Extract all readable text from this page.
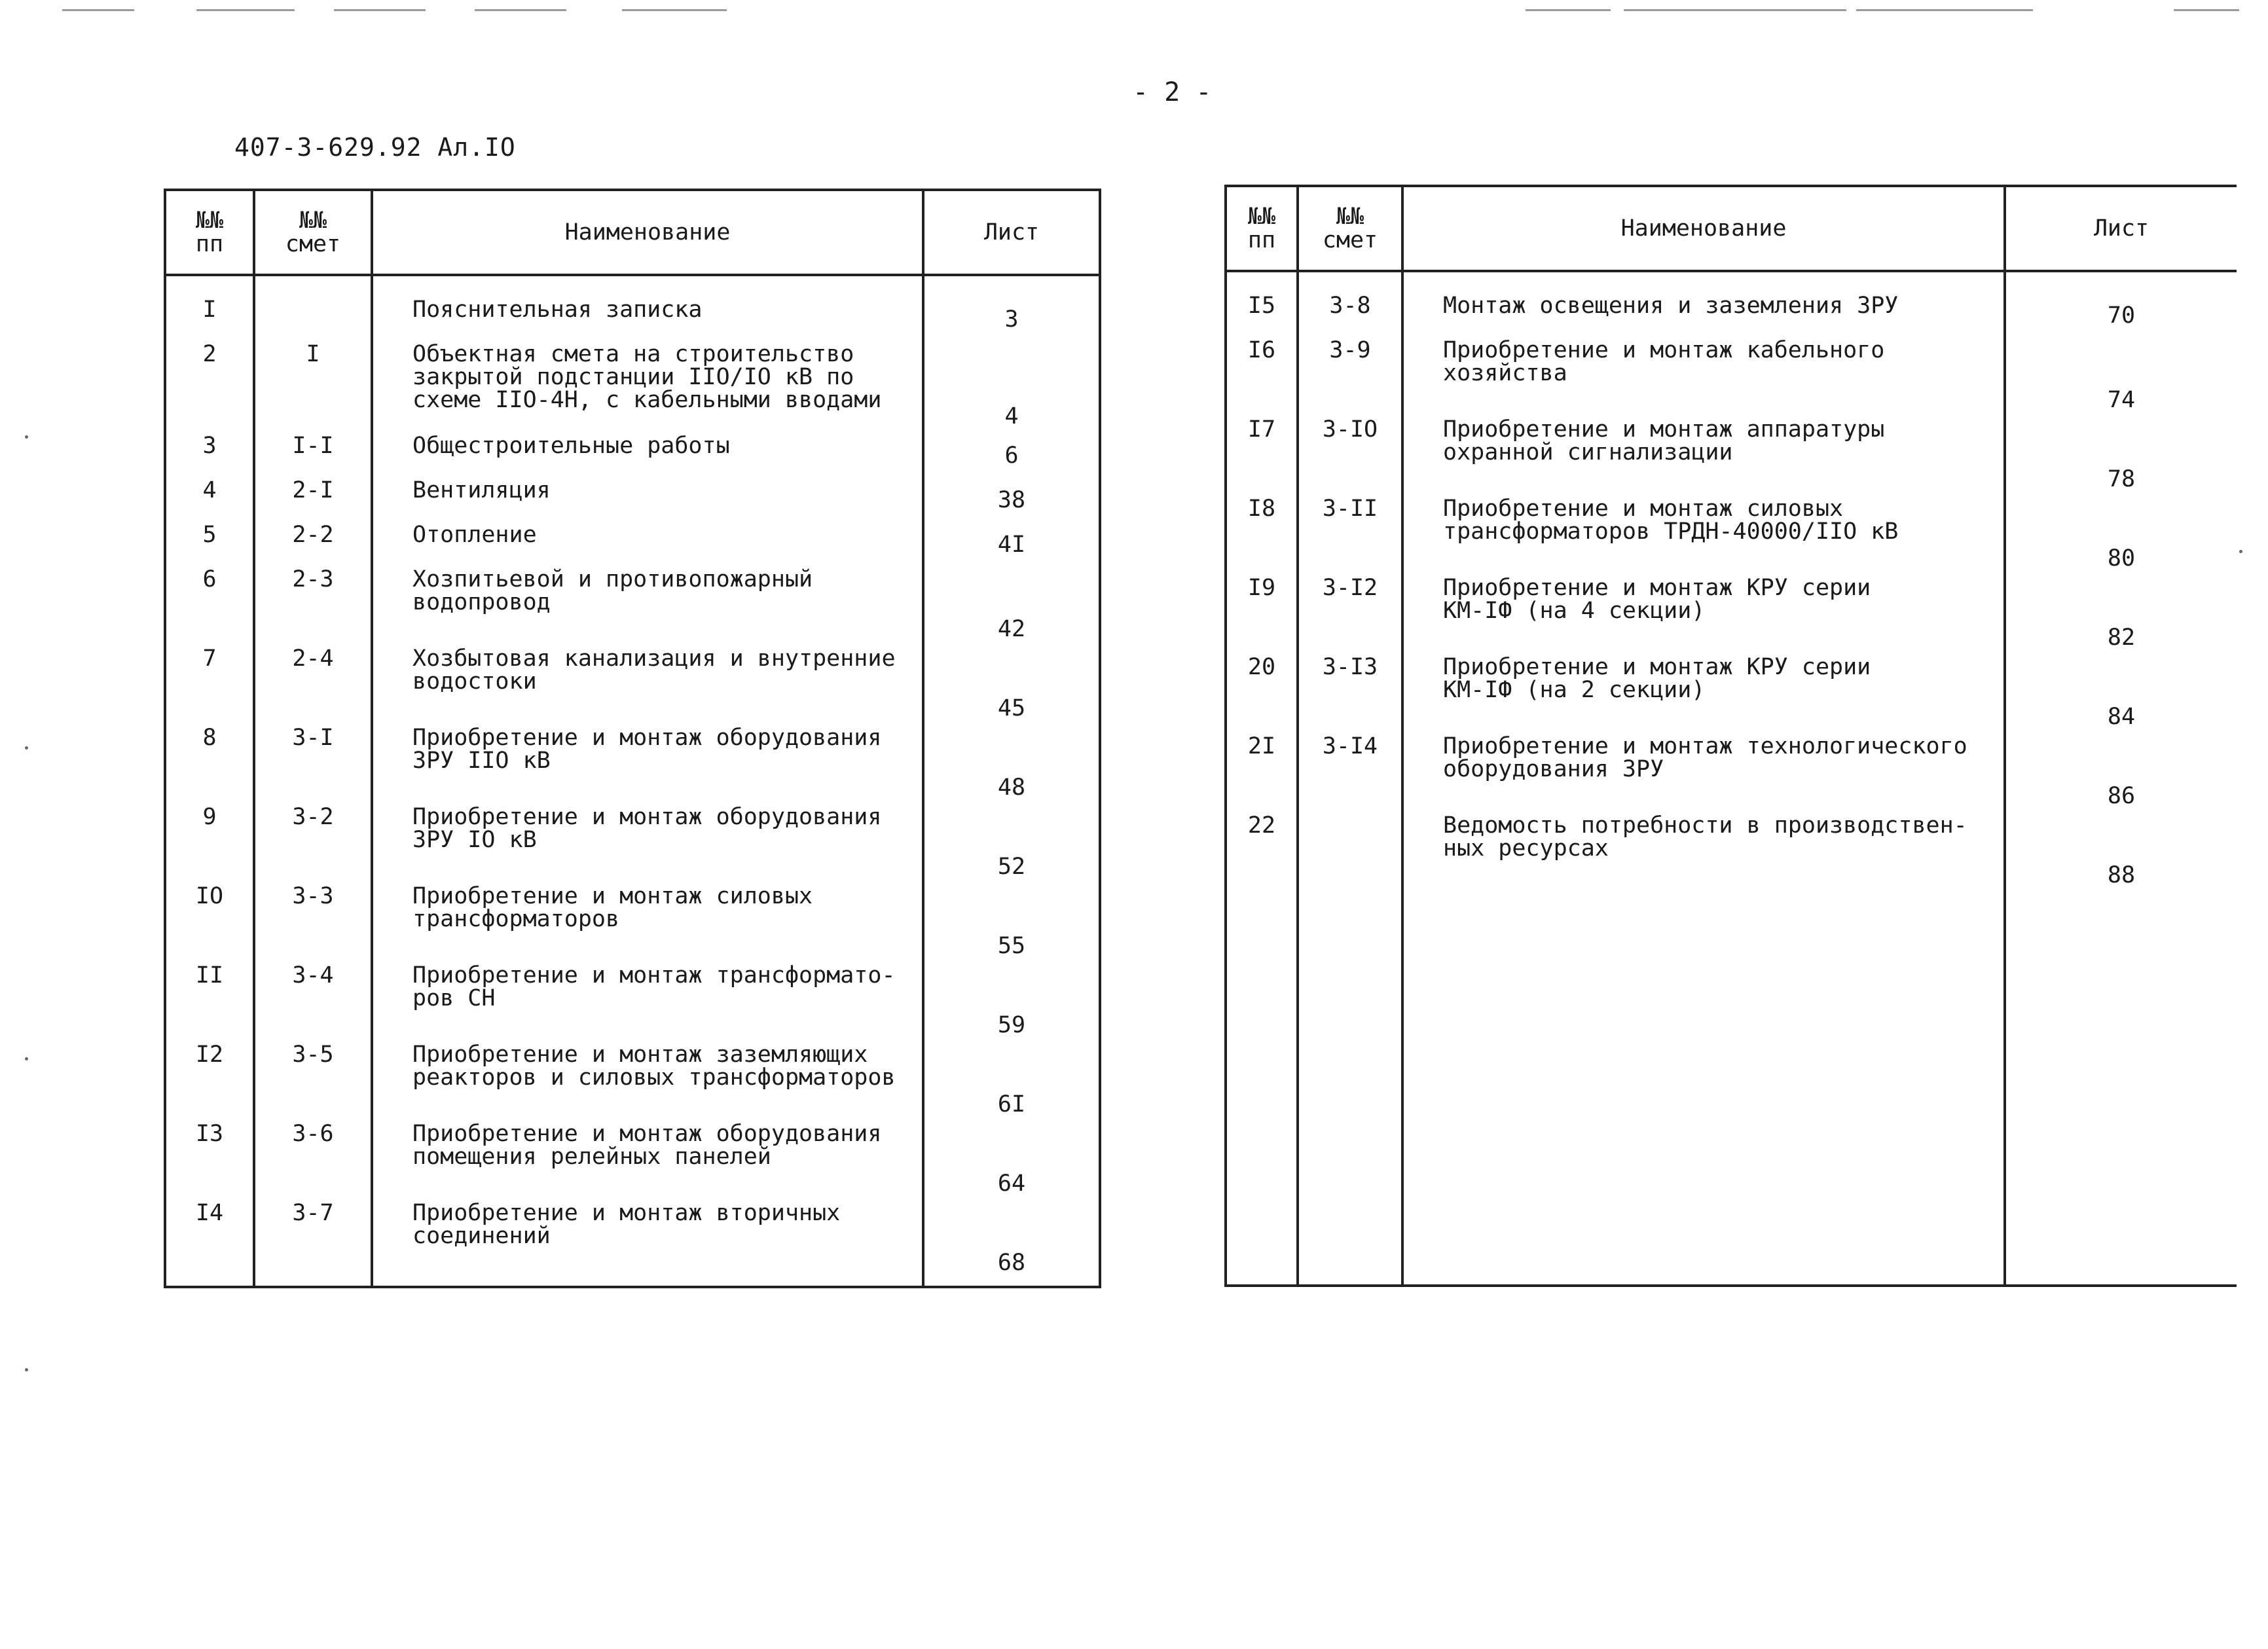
- 2 -
407-3-629.92 Ал.IO
№№
пп	№№
смет	Наименование	Лист

I		Пояснительная записка	3
2	I	Объектная смета на строительство
закрытой подстанции IIO/IO кВ по
схеме IIO-4Н, с кабельными вводами	4
3	I-I	Общестроительные работы	6
4	2-I	Вентиляция	38
5	2-2	Отопление	4I
6	2-3	Хозпитьевой и противопожарный
водопровод	42
7	2-4	Хозбытовая канализация и внутренние
водостоки	45
8	3-I	Приобретение и монтаж оборудования
ЗРУ IIO кВ	48
9	3-2	Приобретение и монтаж оборудования
ЗРУ IO кВ	52
IO	3-3	Приобретение и монтаж силовых
трансформаторов	55
II	3-4	Приобретение и монтаж трансформато-
ров СН	59
I2	3-5	Приобретение и монтаж заземляющих
реакторов и силовых трансформаторов	6I
I3	3-6	Приобретение и монтаж оборудования
помещения релейных панелей	64
I4	3-7	Приобретение и монтаж вторичных
соединений	68

№№
пп	№№
смет	Наименование	Лист

I5	3-8	Монтаж освещения и заземления ЗРУ	70
I6	3-9	Приобретение и монтаж кабельного
хозяйства	74
I7	3-IO	Приобретение и монтаж аппаратуры
охранной сигнализации	78
I8	3-II	Приобретение и монтаж силовых
трансформаторов ТРДН-40000/IIO кВ	80
I9	3-I2	Приобретение и монтаж КРУ серии
КМ-IФ (на 4 секции)	82
20	3-I3	Приобретение и монтаж КРУ серии
КМ-IФ (на 2 секции)	84
2I	3-I4	Приобретение и монтаж технологического
оборудования ЗРУ	86
22		Ведомость потребности в производствен-
ных ресурсах	88
